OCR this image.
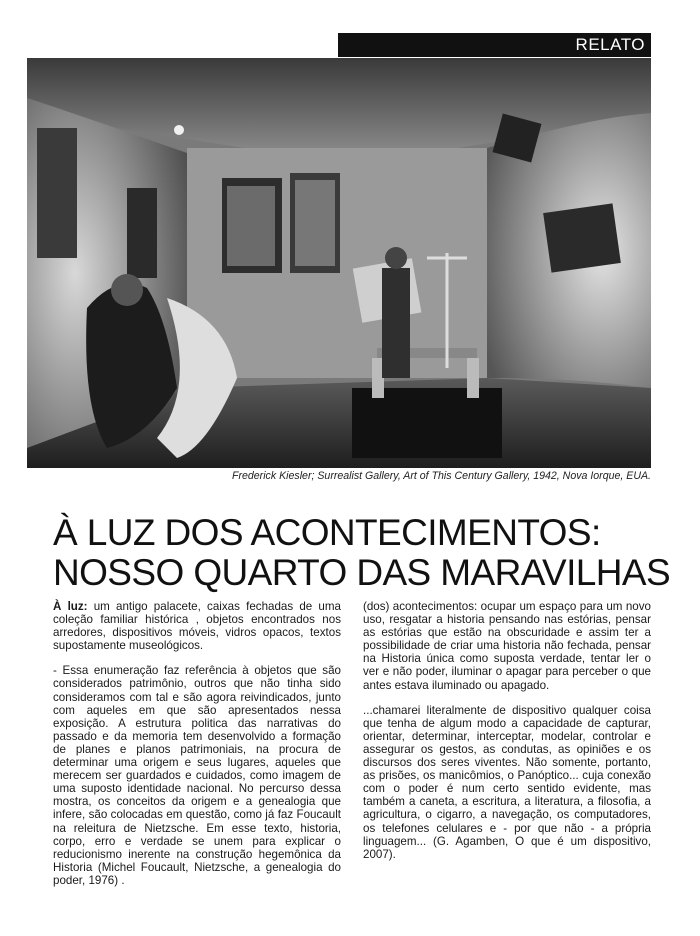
RELATO
Frederick Kiesler; Surrealist Gallery, Art of This Century Gallery, 1942, Nova Iorque, EUA.
À LUZ DOS ACONTECIMENTOS:
NOSSO QUARTO DAS MARAVILHAS

À luz: um antigo palacete, caixas fechadas de uma coleção familiar histórica , objetos encontrados nos arredores, dispositivos móveis, vidros opacos, textos supostamente museológicos.

- Essa enumeração faz referência à objetos que são considerados patrimônio, outros que não tinha sido consideramos com tal e são agora reivindicados, junto com aqueles em que são apresentados nessa exposição. A estrutura politica das narrativas do passado e da memoria tem desenvolvido a formação de planes e planos patrimoniais, na procura de determinar uma origem e seus lugares, aqueles que merecem ser guardados e cuidados, como imagem de uma suposto identidade nacional. No percurso dessa mostra, os conceitos da origem e a genealogia que infere, são colocadas em questão, como já faz Foucault na releitura de Nietzsche. Em esse texto, historia, corpo, erro e verdade se unem para explicar o reducionismo inerente na construção hegemônica da Historia (Michel Foucault, Nietzsche, a genealogia do poder, 1976) .

(dos) acontecimentos: ocupar um espaço para um novo uso, resgatar a historia pensando nas estórias, pensar as estórias que estão na obscuridade e assim ter a possibilidade de criar uma historia não fechada, pensar na Historia única como suposta verdade, tentar ler o ver e não poder, iluminar o apagar para perceber o que antes estava iluminado ou apagado.

...chamarei literalmente de dispositivo qualquer coisa que tenha de algum modo a capacidade de capturar, orientar, determinar, interceptar, modelar, controlar e assegurar os gestos, as condutas, as opiniões e os discursos dos seres viventes. Não somente, portanto, as prisões, os manicômios, o Panóptico... cuja conexão com o poder é num certo sentido evidente, mas também a caneta, a escritura, a literatura, a filosofia, a agricultura, o cigarro, a navegação, os computadores, os telefones celulares e - por que não - a própria linguagem... (G. Agamben, O que é um dispositivo, 2007).
